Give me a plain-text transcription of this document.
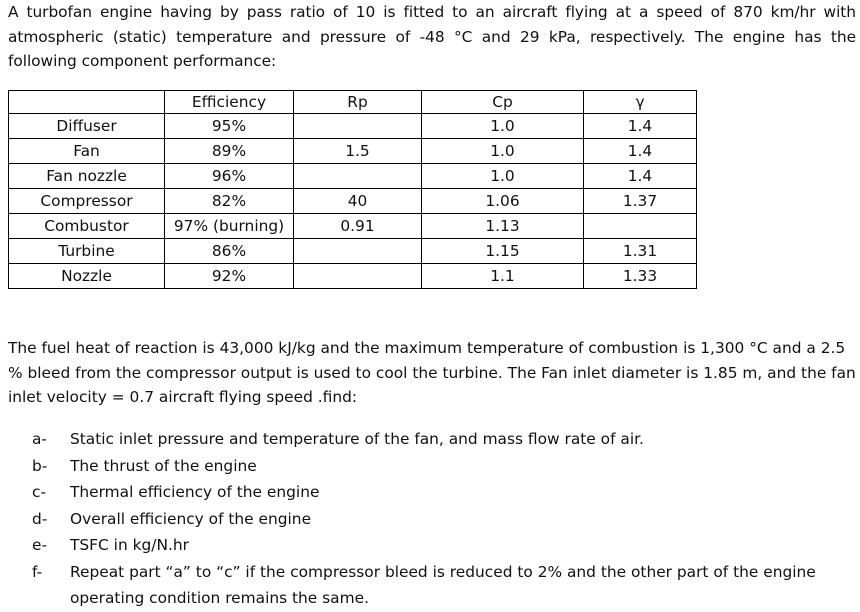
A turbofan engine having by pass ratio of 10 is fitted to an aircraft flying at a speed of 870 km/hr with atmospheric (static) temperature and pressure of -48 °C and 29 kPa, respectively. The engine has the following component performance:

	Efficiency	Rp	Cp	γ
Diffuser	95%		1.0	1.4
Fan	89%	1.5	1.0	1.4
Fan nozzle	96%		1.0	1.4
Compressor	82%	40	1.06	1.37
Combustor	97% (burning)	0.91	1.13	
Turbine	86%		1.15	1.31
Nozzle	92%		1.1	1.33

The fuel heat of reaction is 43,000 kJ/kg and the maximum temperature of combustion is 1,300 °C and a 2.5 % bleed from the compressor output is used to cool the turbine. The Fan inlet diameter is 1.85 m, and the fan inlet velocity = 0.7 aircraft flying speed .find:

a-	Static inlet pressure and temperature of the fan, and mass flow rate of air.
b-	The thrust of the engine
c-	Thermal efficiency of the engine
d-	Overall efficiency of the engine
e-	TSFC in kg/N.hr
f-	Repeat part “a” to “c” if the compressor bleed is reduced to 2% and the other part of the engine operating condition remains the same.
